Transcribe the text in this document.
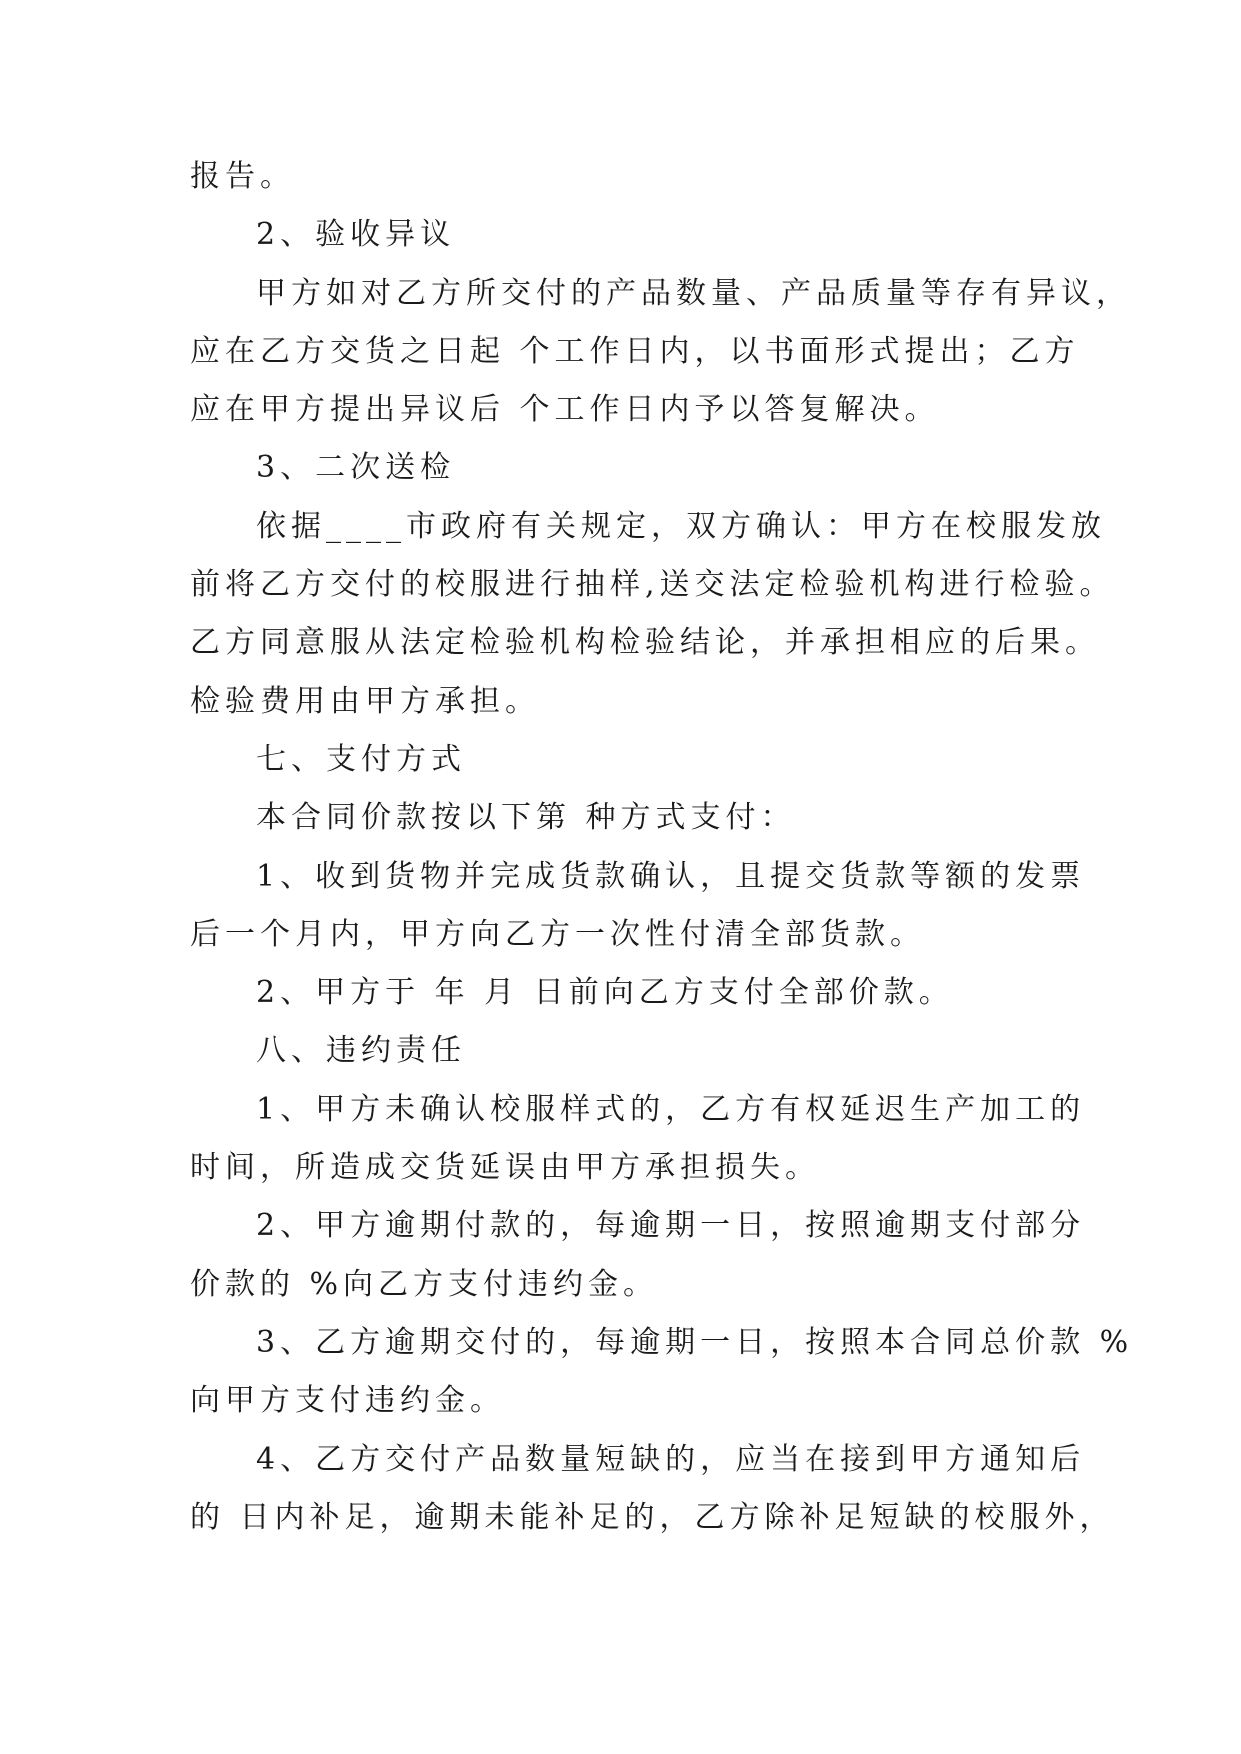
报告。
2、验收异议
甲方如对乙方所交付的产品数量、产品质量等存有异议，
应在乙方交货之日起 个工作日内，以书面形式提出；乙方
应在甲方提出异议后 个工作日内予以答复解决。
3、二次送检
依据____市政府有关规定，双方确认：甲方在校服发放
前将乙方交付的校服进行抽样,送交法定检验机构进行检验。
乙方同意服从法定检验机构检验结论，并承担相应的后果。
检验费用由甲方承担。
七、支付方式
本合同价款按以下第 种方式支付：
1、收到货物并完成货款确认，且提交货款等额的发票
后一个月内，甲方向乙方一次性付清全部货款。
2、甲方于 年 月 日前向乙方支付全部价款。
八、违约责任
1、甲方未确认校服样式的，乙方有权延迟生产加工的
时间，所造成交货延误由甲方承担损失。
2、甲方逾期付款的，每逾期一日，按照逾期支付部分
价款的 %向乙方支付违约金。
3、乙方逾期交付的，每逾期一日，按照本合同总价款 %
向甲方支付违约金。
4、乙方交付产品数量短缺的，应当在接到甲方通知后
的 日内补足，逾期未能补足的，乙方除补足短缺的校服外，
